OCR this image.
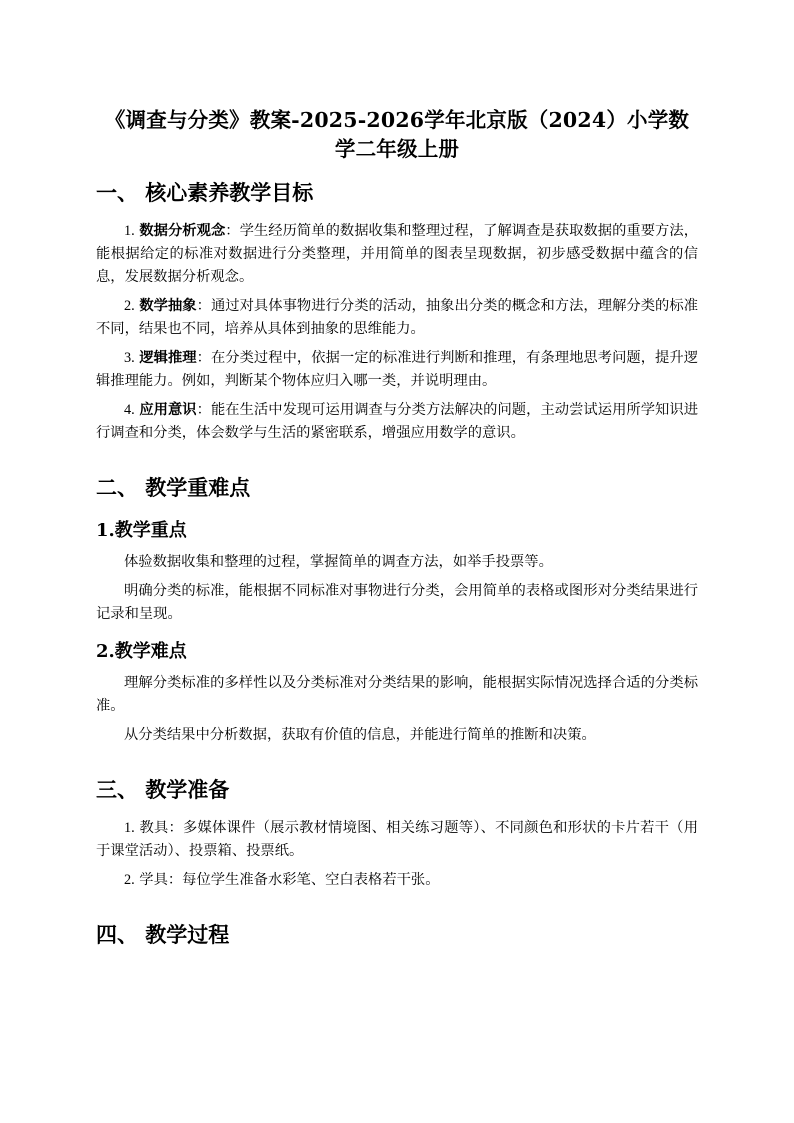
《调查与分类》教案-2025-2026学年北京版（2024）小学数学二年级上册
一、 核心素养教学目标

1. 数据分析观念：学生经历简单的数据收集和整理过程，了解调查是获取数据的重要方法，能根据给定的标准对数据进行分类整理，并用简单的图表呈现数据，初步感受数据中蕴含的信息，发展数据分析观念。

2. 数学抽象：通过对具体事物进行分类的活动，抽象出分类的概念和方法，理解分类的标准不同，结果也不同，培养从具体到抽象的思维能力。

3. 逻辑推理：在分类过程中，依据一定的标准进行判断和推理，有条理地思考问题，提升逻辑推理能力。例如，判断某个物体应归入哪一类，并说明理由。

4. 应用意识：能在生活中发现可运用调查与分类方法解决的问题，主动尝试运用所学知识进行调查和分类，体会数学与生活的紧密联系，增强应用数学的意识。

二、 教学重难点
1.教学重点

体验数据收集和整理的过程，掌握简单的调查方法，如举手投票等。

明确分类的标准，能根据不同标准对事物进行分类，会用简单的表格或图形对分类结果进行记录和呈现。

2.教学难点

理解分类标准的多样性以及分类标准对分类结果的影响，能根据实际情况选择合适的分类标准。

从分类结果中分析数据，获取有价值的信息，并能进行简单的推断和决策。

三、 教学准备

1. 教具：多媒体课件（展示教材情境图、相关练习题等）、不同颜色和形状的卡片若干（用于课堂活动）、投票箱、投票纸。

2. 学具：每位学生准备水彩笔、空白表格若干张。

四、 教学过程
